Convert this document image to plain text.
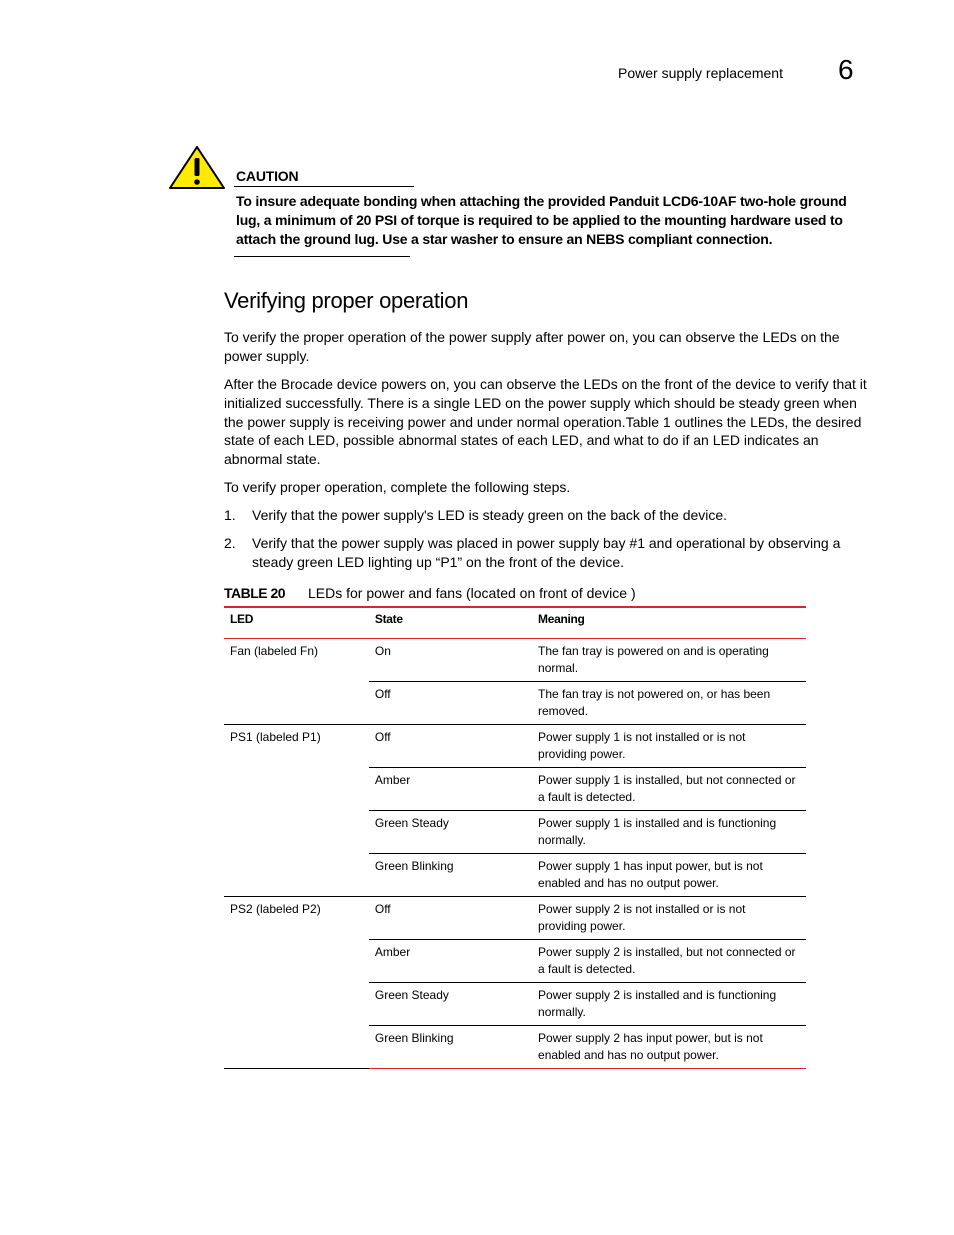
Power supply replacement 6
CAUTION
To insure adequate bonding when attaching the provided Panduit LCD6-10AF two-hole ground lug, a minimum of 20 PSI of torque is required to be applied to the mounting hardware used to attach the ground lug. Use a star washer to ensure an NEBS compliant connection.
Verifying proper operation

To verify the proper operation of the power supply after power on, you can observe the LEDs on the power supply.

After the Brocade device powers on, you can observe the LEDs on the front of the device to verify that it initialized successfully. There is a single LED on the power supply which should be steady green when the power supply is receiving power and under normal operation.Table 1 outlines the LEDs, the desired state of each LED, possible abnormal states of each LED, and what to do if an LED indicates an abnormal state.

To verify proper operation, complete the following steps.

1. Verify that the power supply's LED is steady green on the back of the device.

2. Verify that the power supply was placed in power supply bay #1 and operational by observing a steady green LED lighting up “P1” on the front of the device.

TABLE 20 LEDs for power and fans (located on front of device )
LED	State	Meaning
Fan (labeled Fn)	On	The fan tray is powered on and is operating normal.
	Off	The fan tray is not powered on, or has been removed.
PS1 (labeled P1)	Off	Power supply 1 is not installed or is not providing power.
	Amber	Power supply 1 is installed, but not connected or a fault is detected.
	Green Steady	Power supply 1 is installed and is functioning normally.
	Green Blinking	Power supply 1 has input power, but is not enabled and has no output power.
PS2 (labeled P2)	Off	Power supply 2 is not installed or is not providing power.
	Amber	Power supply 2 is installed, but not connected or a fault is detected.
	Green Steady	Power supply 2 is installed and is functioning normally.
	Green Blinking	Power supply 2 has input power, but is not enabled and has no output power.
